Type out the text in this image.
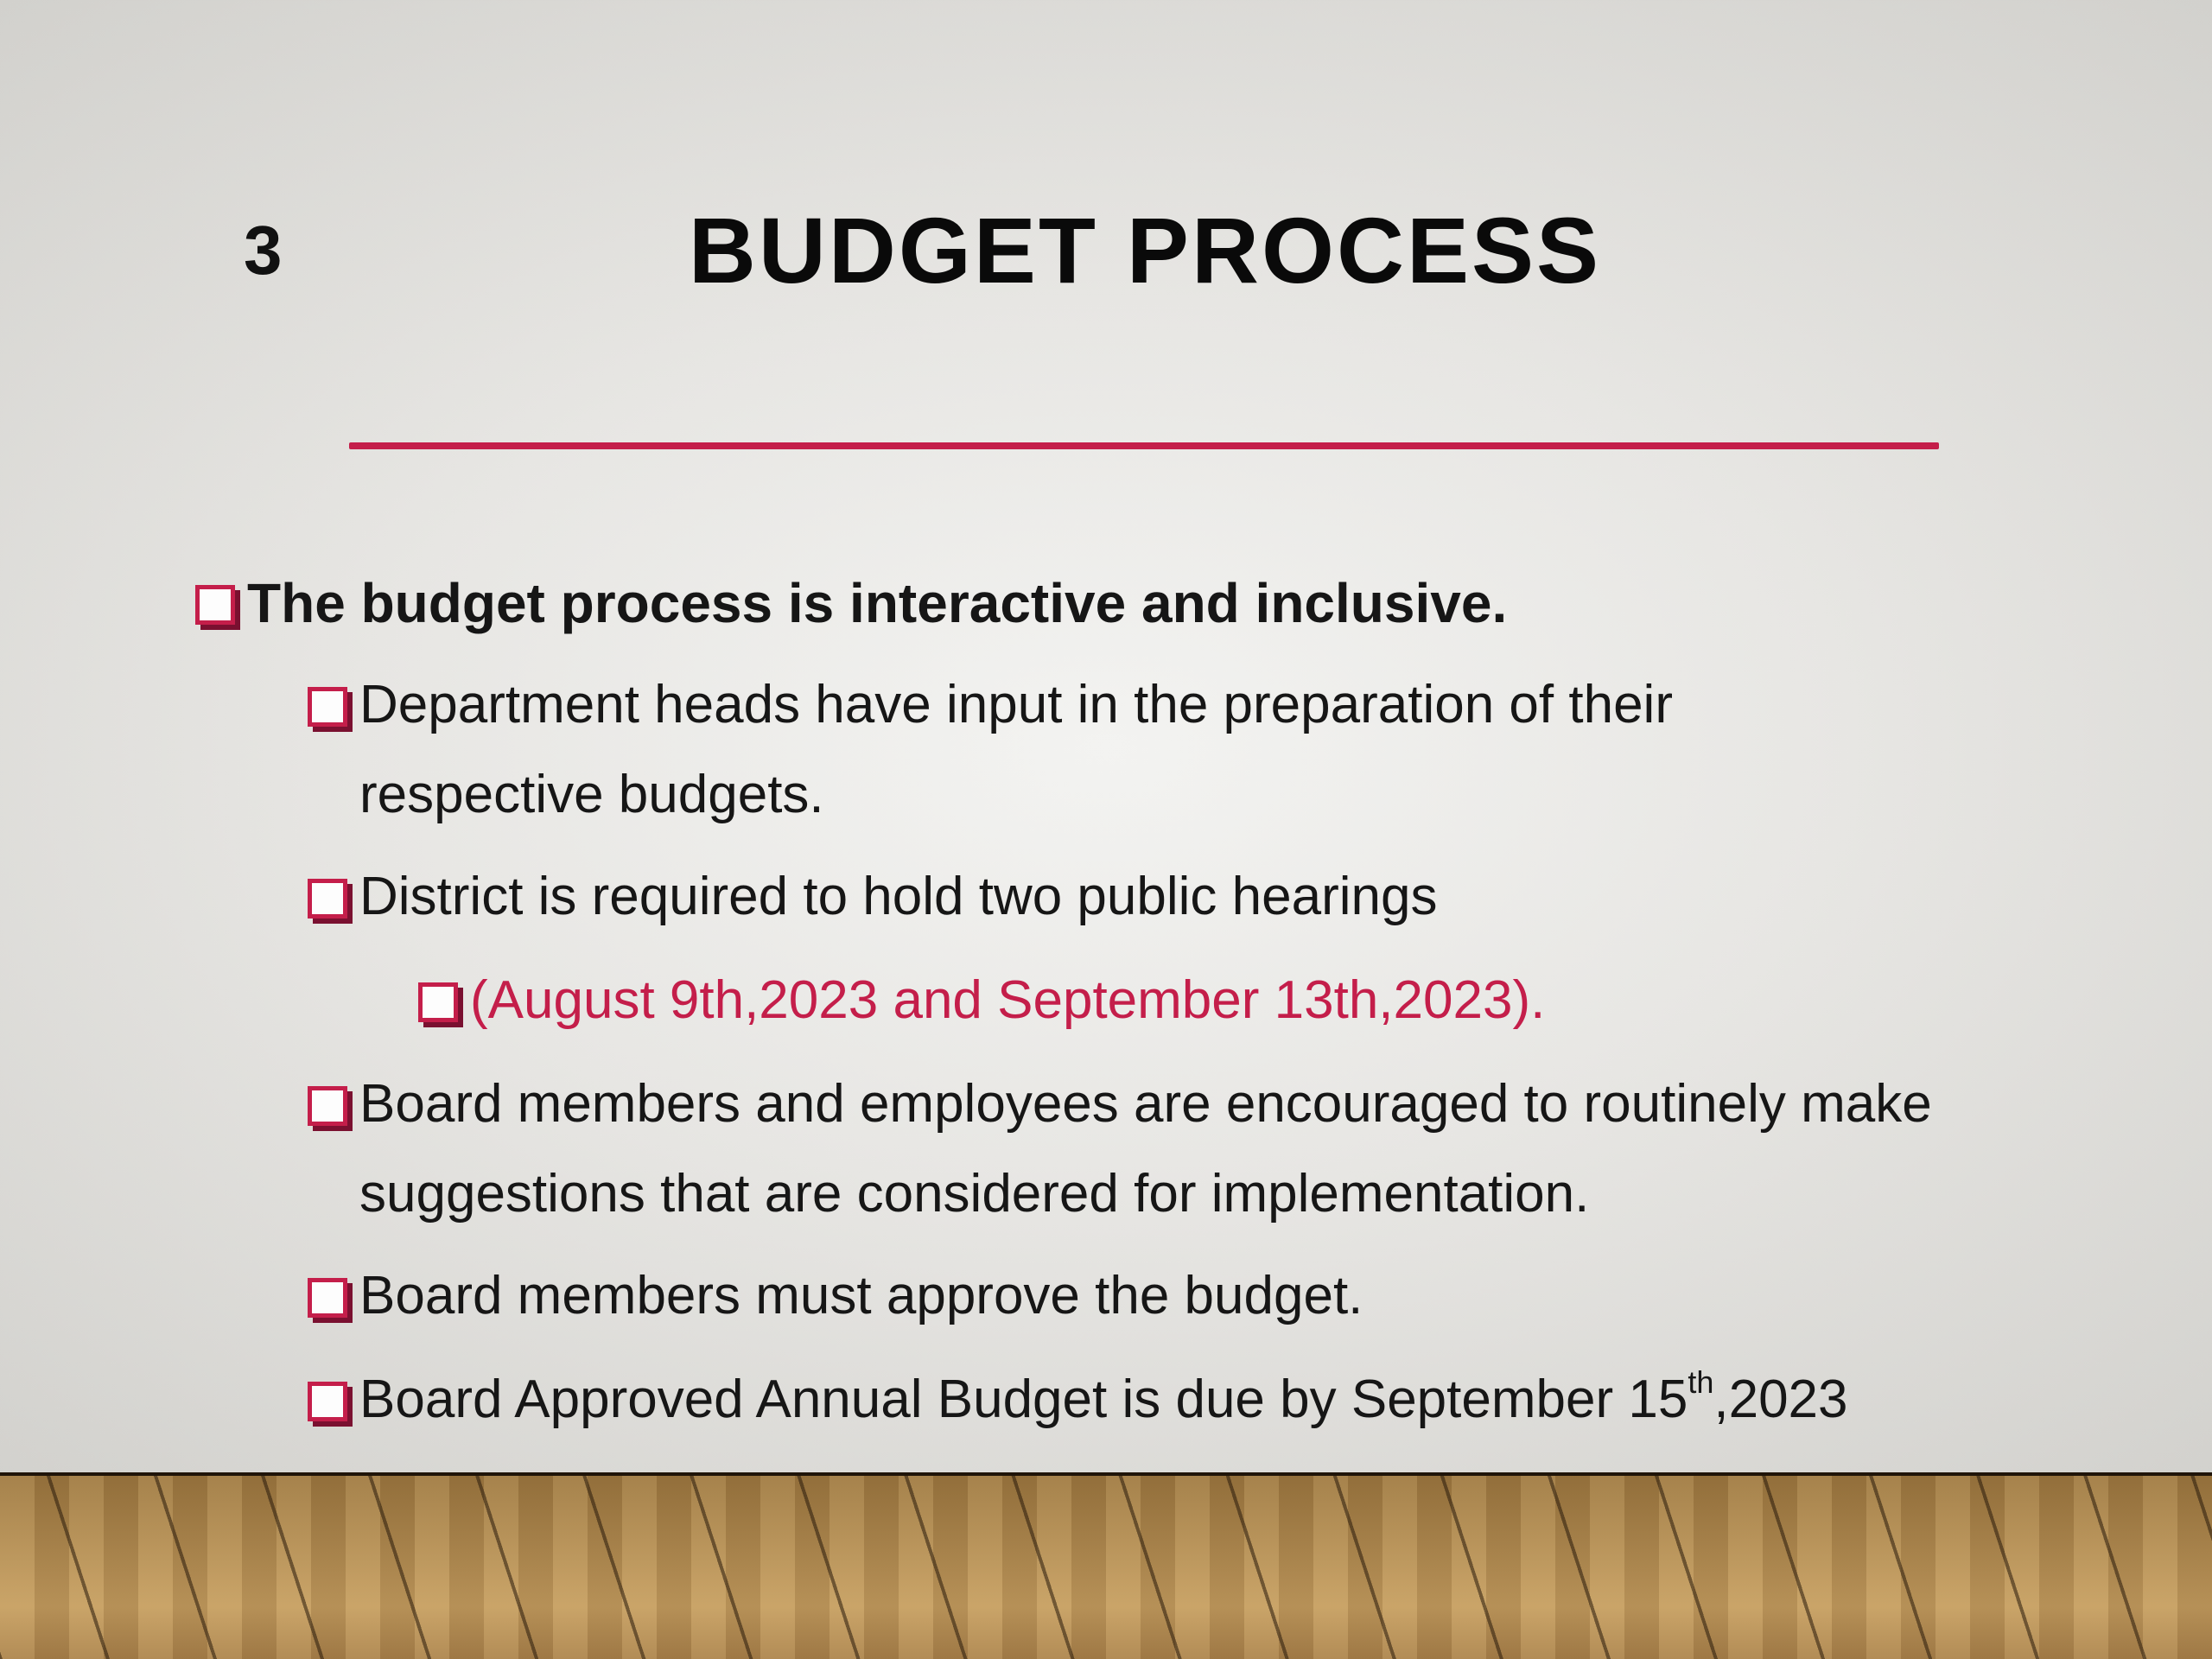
3	BUDGET PROCESS
The budget process is interactive and inclusive.
Department heads have input in the preparation of their respective budgets.
District is required to hold two public hearings
(August 9th,2023 and September 13th,2023).
Board members and employees are encouraged to routinely make suggestions that are considered for implementation.
Board members must approve the budget.
Board Approved Annual Budget is due by September 15th,2023
